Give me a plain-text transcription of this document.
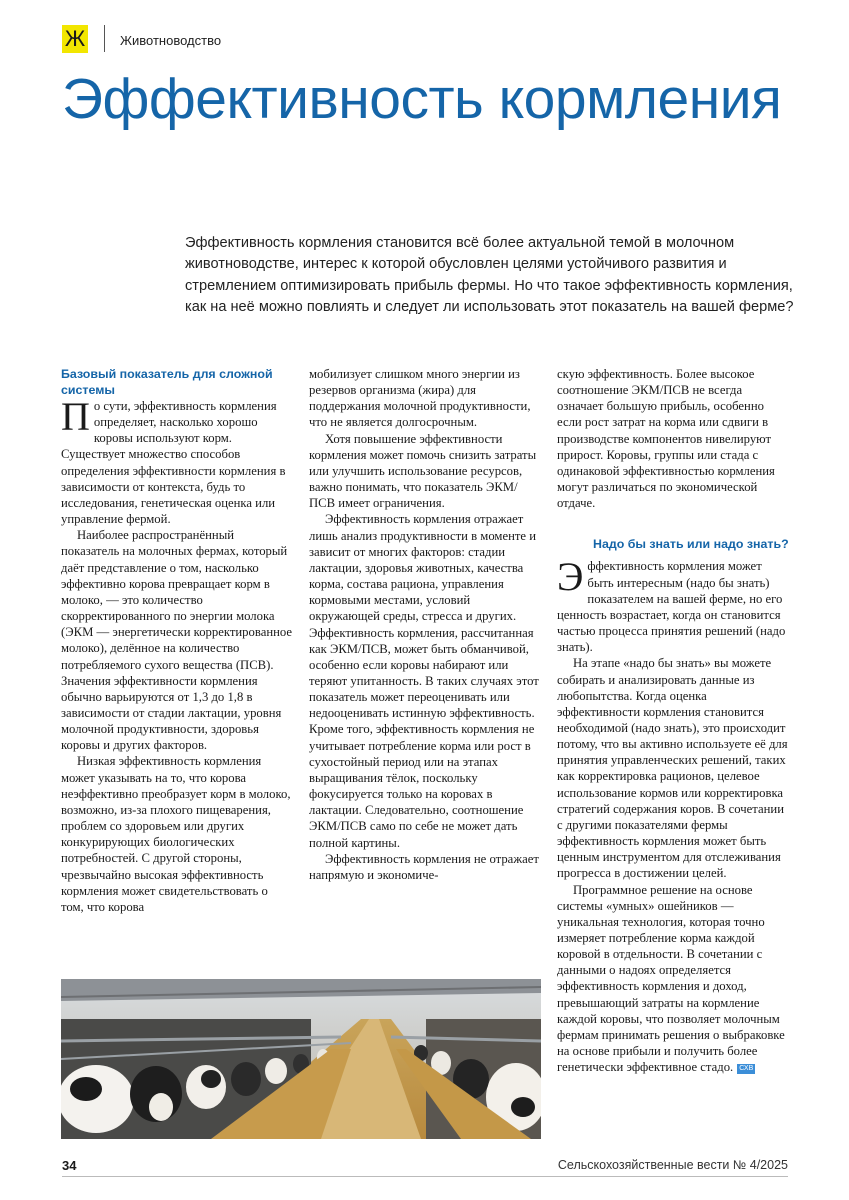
Ж	Животноводство
Эффективность кормления

Эффективность кормления становится всё более актуальной темой в молочном животноводстве, интерес к которой обусловлен целями устойчивого развития и стремлением оптимизировать прибыль фермы. Но что такое эффективность кормления, как на неё можно повлиять и следует ли использовать этот показатель на вашей ферме?

Базовый показатель для сложной системы

По сути, эффективность кормления определяет, насколько хорошо коровы используют корм. Существует множество способов определения эффективности кормления в зависимости от контекста, будь то исследования, генетическая оценка или управление фермой.

Наиболее распространённый показатель на молочных фермах, который даёт представление о том, насколько эффективно корова превращает корм в молоко, — это количество скорректированного по энергии молока (ЭКМ — энергетически корректированное молоко), делённое на количество потребляемого сухого вещества (ПСВ). Значения эффективности кормления обычно варьируются от 1,3 до 1,8 в зависимости от стадии лактации, уровня молочной продуктивности, здоровья коровы и других факторов.

Низкая эффективность кормления может указывать на то, что корова неэффективно преобразует корм в молоко, возможно, из-за плохого пищеварения, проблем со здоровьем или других конкурирующих биологических потребностей. С другой стороны, чрезвычайно высокая эффективность кормления может свидетельствовать о том, что корова

мобилизует слишком много энергии из резервов организма (жира) для поддержания молочной продуктивности, что не является долгосрочным.

Хотя повышение эффективности кормления может помочь снизить затраты или улучшить использование ресурсов, важно понимать, что показатель ЭКМ/ПСВ имеет ограничения.

Эффективность кормления отражает лишь анализ продуктивности в моменте и зависит от многих факторов: стадии лактации, здоровья животных, качества корма, состава рациона, управления кормовыми местами, условий окружающей среды, стресса и других. Эффективность кормления, рассчитанная как ЭКМ/ПСВ, может быть обманчивой, особенно если коровы набирают или теряют упитанность. В таких случаях этот показатель может переоценивать или недооценивать истинную эффективность. Кроме того, эффективность кормления не учитывает потребление корма или рост в сухостойный период или на этапах выращивания тёлок, поскольку фокусируется только на коровах в лактации. Следовательно, соотношение ЭКМ/ПСВ само по себе не может дать полной картины.

Эффективность кормления не отражает напрямую и экономиче-

скую эффективность. Более высокое соотношение ЭКМ/ПСВ не всегда означает большую прибыль, особенно если рост затрат на корма или сдвиги в производстве компонентов нивелируют прирост. Коровы, группы или стада с одинаковой эффективностью кормления могут различаться по экономической отдаче.

Надо бы знать или надо знать?

Эффективность кормления может быть интересным (надо бы знать) показателем на вашей ферме, но его ценность возрастает, когда он становится частью процесса принятия решений (надо знать).

На этапе «надо бы знать» вы можете собирать и анализировать данные из любопытства. Когда оценка эффективности кормления становится необходимой (надо знать), это происходит потому, что вы активно используете её для принятия управленческих решений, таких как корректировка рационов, целевое использование кормов или корректировка стратегий содержания коров. В сочетании с другими показателями фермы эффективность кормления может быть ценным инструментом для отслеживания прогресса в достижении целей.

Программное решение на основе системы «умных» ошейников — уникальная технология, которая точно измеряет потребление корма каждой коровой в отдельности. В сочетании с данными о надоях определяется эффективность кормления и доход, превышающий затраты на кормление каждой коровы, что позволяет молочным фермам принимать решения о выбраковке на основе прибыли и получить более генетически эффективное стадо. СХВ

34	Сельскохозяйственные вести № 4/2025
